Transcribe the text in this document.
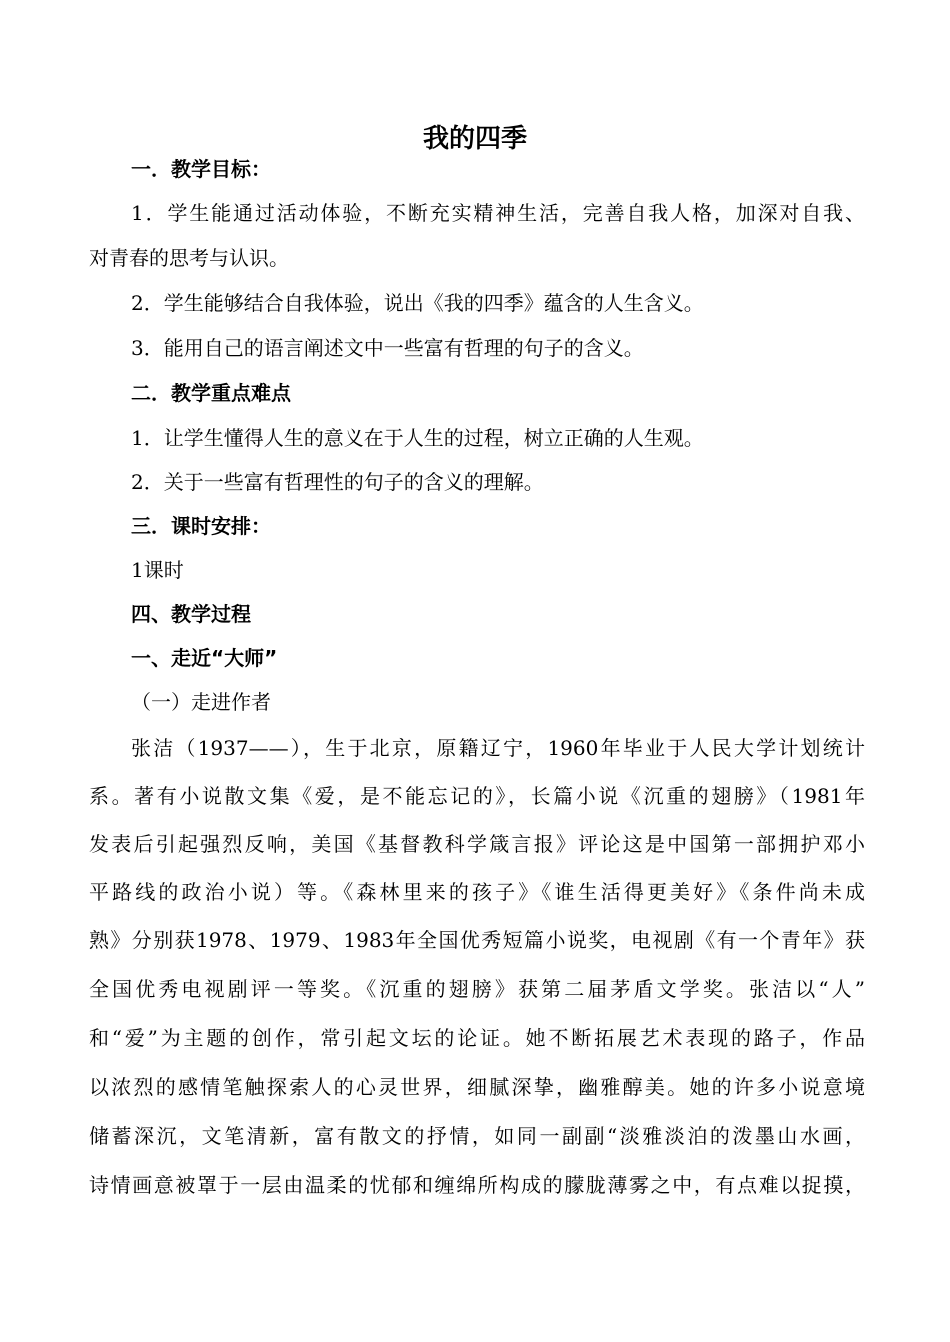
我的四季
一．教学目标：
1．学生能通过活动体验，不断充实精神生活，完善自我人格，加深对自我、
对青春的思考与认识。
2．学生能够结合自我体验，说出《我的四季》蕴含的人生含义。
3．能用自己的语言阐述文中一些富有哲理的句子的含义。
二．教学重点难点
1．让学生懂得人生的意义在于人生的过程，树立正确的人生观。
2．关于一些富有哲理性的句子的含义的理解。
三．课时安排：
1课时
四、教学过程
一、走近“大师”
（一）走进作者
张洁（1937——），生于北京，原籍辽宁，1960年毕业于人民大学计划统计
系。著有小说散文集《爱，是不能忘记的》，长篇小说《沉重的翅膀》（1981年
发表后引起强烈反响，美国《基督教科学箴言报》评论这是中国第一部拥护邓小
平路线的政治小说）等。《森林里来的孩子》《谁生活得更美好》《条件尚未成
熟》分别获1978、1979、1983年全国优秀短篇小说奖，电视剧《有一个青年》获
全国优秀电视剧评一等奖。《沉重的翅膀》获第二届茅盾文学奖。张洁以“人”
和“爱”为主题的创作，常引起文坛的论证。她不断拓展艺术表现的路子，作品
以浓烈的感情笔触探索人的心灵世界，细腻深挚，幽雅醇美。她的许多小说意境
储蓄深沉，文笔清新，富有散文的抒情，如同一副副“淡雅淡泊的泼墨山水画，
诗情画意被罩于一层由温柔的忧郁和缠绵所构成的朦胧薄雾之中，有点难以捉摸，
